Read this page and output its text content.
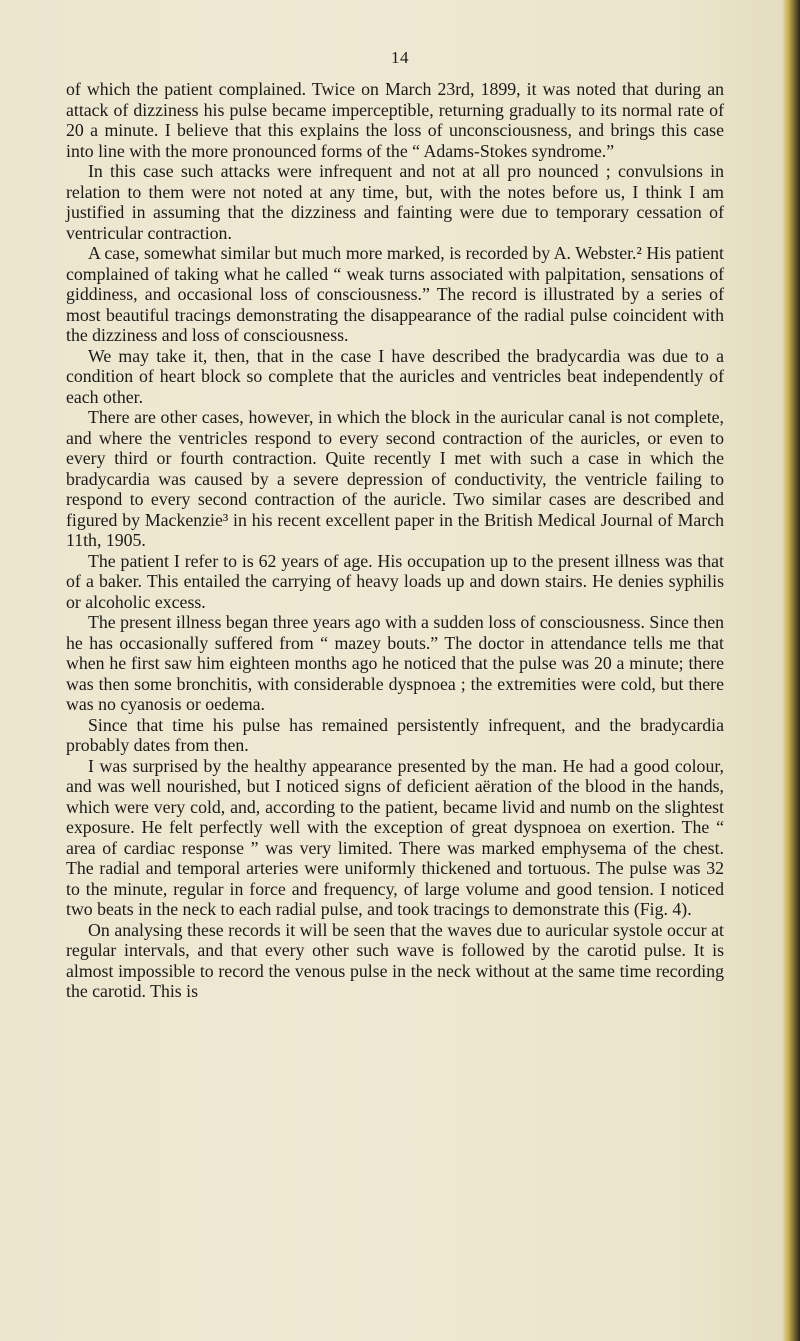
14

of which the patient complained. Twice on March 23rd, 1899, it was noted that during an attack of dizziness his pulse became imperceptible, returning gradually to its normal rate of 20 a minute. I believe that this explains the loss of unconsciousness, and brings this case into line with the more pronounced forms of the “ Adams-Stokes syndrome.”

In this case such attacks were infrequent and not at all pro nounced ; convulsions in relation to them were not noted at any time, but, with the notes before us, I think I am justified in assuming that the dizziness and fainting were due to temporary cessation of ventricular contraction.

A case, somewhat similar but much more marked, is recorded by A. Webster.² His patient complained of taking what he called “ weak turns associated with palpitation, sensations of giddiness, and occasional loss of consciousness.” The record is illustrated by a series of most beautiful tracings demonstrating the disappearance of the radial pulse coincident with the dizziness and loss of consciousness.

We may take it, then, that in the case I have described the bradycardia was due to a condition of heart block so complete that the auricles and ventricles beat independently of each other.

There are other cases, however, in which the block in the auricular canal is not complete, and where the ventricles respond to every second contraction of the auricles, or even to every third or fourth contraction. Quite recently I met with such a case in which the bradycardia was caused by a severe depression of conductivity, the ventricle failing to respond to every second contraction of the auricle. Two similar cases are described and figured by Mackenzie³ in his recent excellent paper in the British Medical Journal of March 11th, 1905.

The patient I refer to is 62 years of age. His occupation up to the present illness was that of a baker. This entailed the carrying of heavy loads up and down stairs. He denies syphilis or alcoholic excess.

The present illness began three years ago with a sudden loss of consciousness. Since then he has occasionally suffered from “ mazey bouts.” The doctor in attendance tells me that when he first saw him eighteen months ago he noticed that the pulse was 20 a minute; there was then some bronchitis, with considerable dyspnoea ; the extremities were cold, but there was no cyanosis or oedema.

Since that time his pulse has remained persistently infrequent, and the bradycardia probably dates from then.

I was surprised by the healthy appearance presented by the man. He had a good colour, and was well nourished, but I noticed signs of deficient aëration of the blood in the hands, which were very cold, and, according to the patient, became livid and numb on the slightest exposure. He felt perfectly well with the exception of great dyspnoea on exertion. The “ area of cardiac response ” was very limited. There was marked emphysema of the chest. The radial and temporal arteries were uniformly thickened and tortuous. The pulse was 32 to the minute, regular in force and frequency, of large volume and good tension. I noticed two beats in the neck to each radial pulse, and took tracings to demonstrate this (Fig. 4).

On analysing these records it will be seen that the waves due to auricular systole occur at regular intervals, and that every other such wave is followed by the carotid pulse. It is almost impossible to record the venous pulse in the neck without at the same time recording the carotid. This is
